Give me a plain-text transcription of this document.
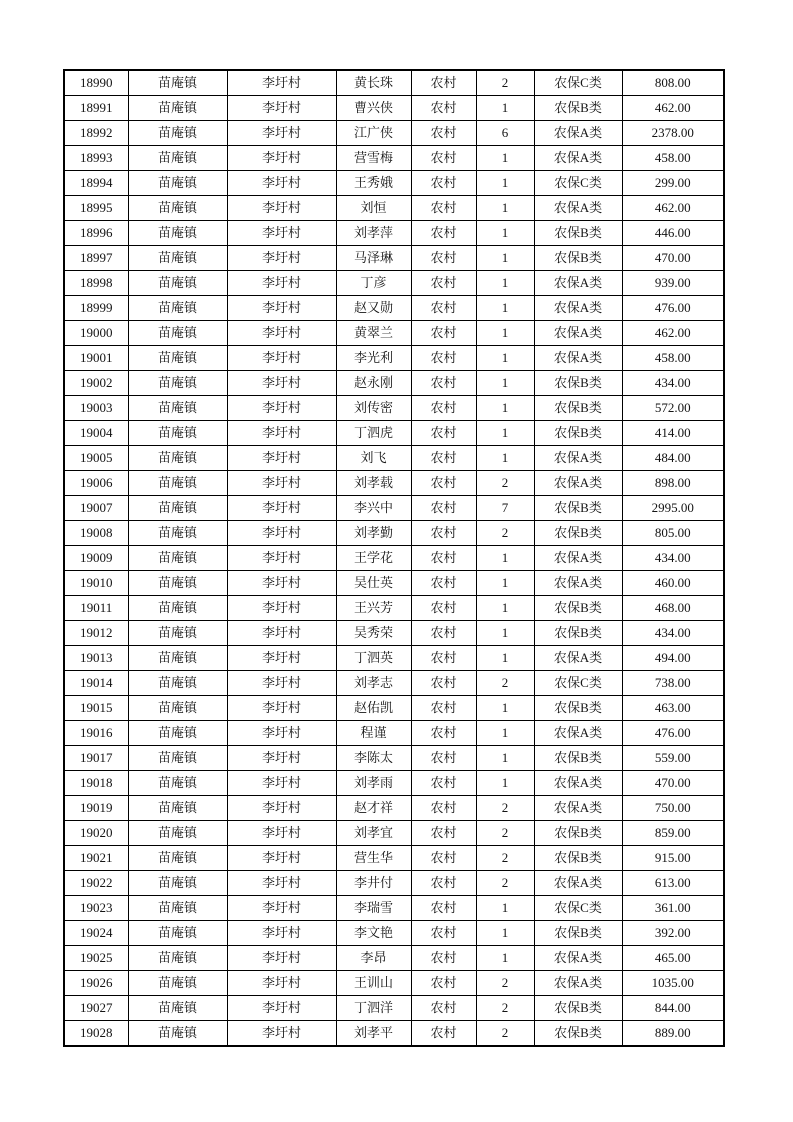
18990	苗庵镇	李圩村	黄长珠	农村	2	农保C类	808.00
18991	苗庵镇	李圩村	曹兴侠	农村	1	农保B类	462.00
18992	苗庵镇	李圩村	江广侠	农村	6	农保A类	2378.00
18993	苗庵镇	李圩村	营雪梅	农村	1	农保A类	458.00
18994	苗庵镇	李圩村	王秀娥	农村	1	农保C类	299.00
18995	苗庵镇	李圩村	刘恒	农村	1	农保A类	462.00
18996	苗庵镇	李圩村	刘孝萍	农村	1	农保B类	446.00
18997	苗庵镇	李圩村	马泽琳	农村	1	农保B类	470.00
18998	苗庵镇	李圩村	丁彦	农村	1	农保A类	939.00
18999	苗庵镇	李圩村	赵又勋	农村	1	农保A类	476.00
19000	苗庵镇	李圩村	黄翠兰	农村	1	农保A类	462.00
19001	苗庵镇	李圩村	李光利	农村	1	农保A类	458.00
19002	苗庵镇	李圩村	赵永刚	农村	1	农保B类	434.00
19003	苗庵镇	李圩村	刘传密	农村	1	农保B类	572.00
19004	苗庵镇	李圩村	丁泗虎	农村	1	农保B类	414.00
19005	苗庵镇	李圩村	刘飞	农村	1	农保A类	484.00
19006	苗庵镇	李圩村	刘孝载	农村	2	农保A类	898.00
19007	苗庵镇	李圩村	李兴中	农村	7	农保B类	2995.00
19008	苗庵镇	李圩村	刘孝勤	农村	2	农保B类	805.00
19009	苗庵镇	李圩村	王学花	农村	1	农保A类	434.00
19010	苗庵镇	李圩村	吴仕英	农村	1	农保A类	460.00
19011	苗庵镇	李圩村	王兴芳	农村	1	农保B类	468.00
19012	苗庵镇	李圩村	吴秀荣	农村	1	农保B类	434.00
19013	苗庵镇	李圩村	丁泗英	农村	1	农保A类	494.00
19014	苗庵镇	李圩村	刘孝志	农村	2	农保C类	738.00
19015	苗庵镇	李圩村	赵佑凯	农村	1	农保B类	463.00
19016	苗庵镇	李圩村	程谨	农村	1	农保A类	476.00
19017	苗庵镇	李圩村	李陈太	农村	1	农保B类	559.00
19018	苗庵镇	李圩村	刘孝雨	农村	1	农保A类	470.00
19019	苗庵镇	李圩村	赵才祥	农村	2	农保A类	750.00
19020	苗庵镇	李圩村	刘孝宜	农村	2	农保B类	859.00
19021	苗庵镇	李圩村	营生华	农村	2	农保B类	915.00
19022	苗庵镇	李圩村	李井付	农村	2	农保A类	613.00
19023	苗庵镇	李圩村	李瑞雪	农村	1	农保C类	361.00
19024	苗庵镇	李圩村	李文艳	农村	1	农保B类	392.00
19025	苗庵镇	李圩村	李昂	农村	1	农保A类	465.00
19026	苗庵镇	李圩村	王训山	农村	2	农保A类	1035.00
19027	苗庵镇	李圩村	丁泗洋	农村	2	农保B类	844.00
19028	苗庵镇	李圩村	刘孝平	农村	2	农保B类	889.00
